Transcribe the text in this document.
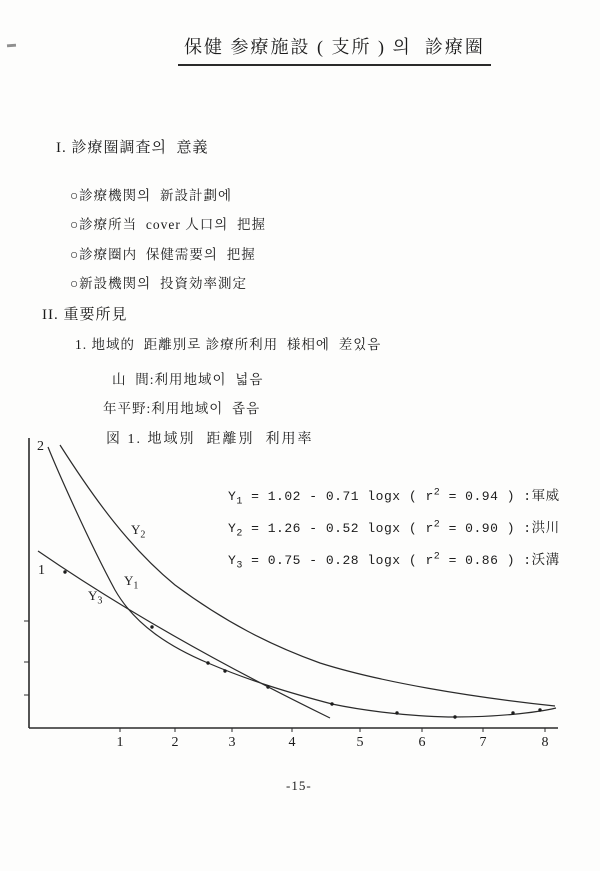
保健 参療施設 ( 支所 ) 의  診療圈
I. 診療圈調査의  意義
○診療機関의  新設計劃에
○診療所当  cover 人口의  把握
○診療圈内  保健需要의  把握
○新設機関의  投資効率測定
II. 重要所見
1. 地域的  距離別로 診療所利用  様相에  差있음
山  間:利用地域이  넓음
年平野:利用地域이  좁음
図 1. 地域別  距離別  利用率
2
1
$Y_2$
$Y_1$
$Y_3$
$Y_1 = 1.02 - 0.71$ logx ( $r^2 = 0.94$ ) :軍威
$Y_2 = 1.26 - 0.52$ logx ( $r^2 = 0.90$ ) :洪川
$Y_3 = 0.75 - 0.28$ logx ( $r^2 = 0.86$ ) :沃溝
1	2	3	4	5	6	7	8
-15-
